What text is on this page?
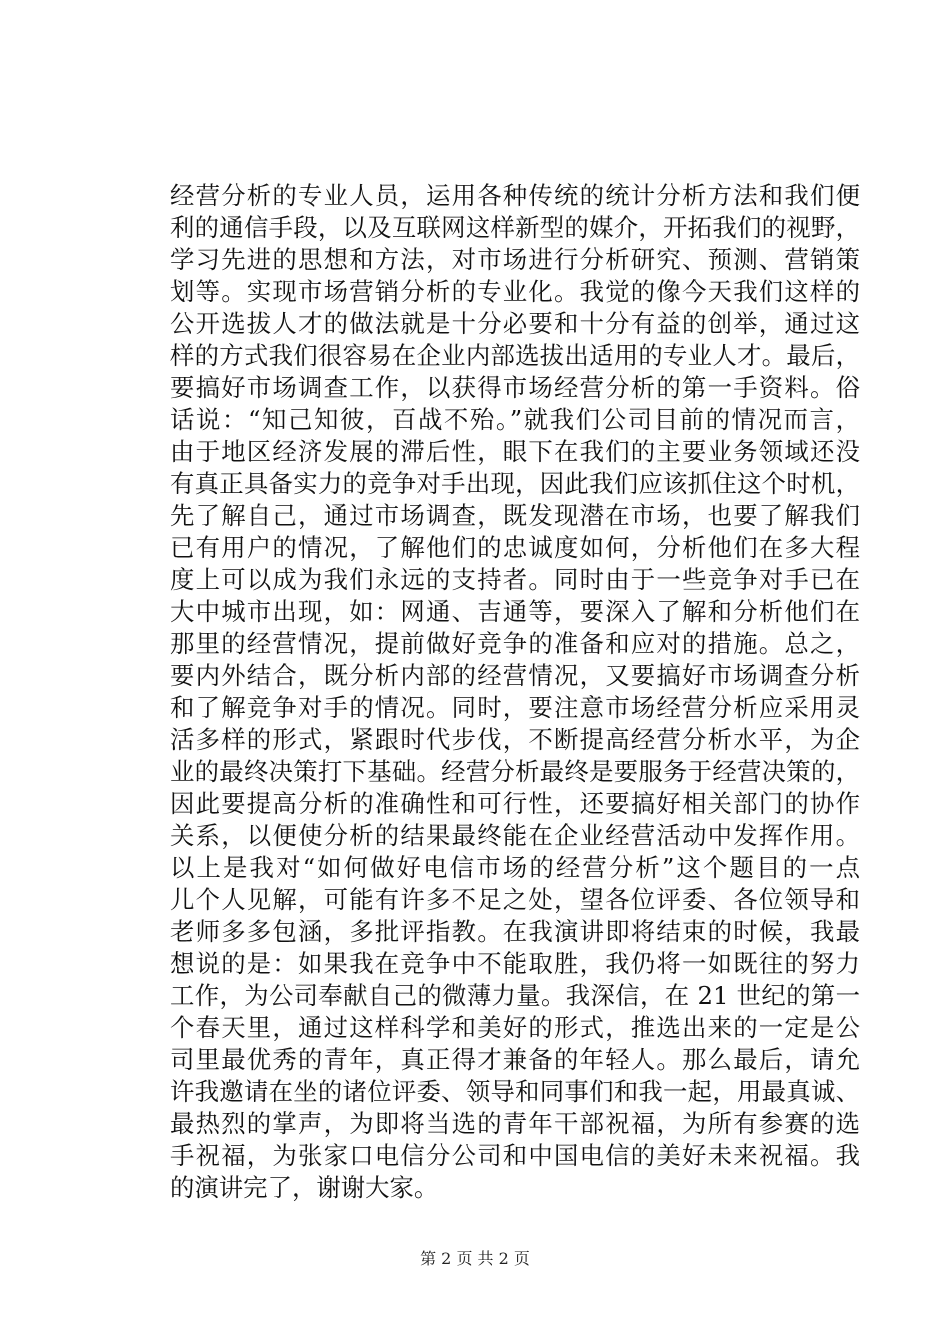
经营分析的专业人员，运用各种传统的统计分析方法和我们便
利的通信手段，以及互联网这样新型的媒介，开拓我们的视野，
学习先进的思想和方法，对市场进行分析研究、预测、营销策
划等。实现市场营销分析的专业化。我觉的像今天我们这样的
公开选拔人才的做法就是十分必要和十分有益的创举，通过这
样的方式我们很容易在企业内部选拔出适用的专业人才。最后，
要搞好市场调查工作，以获得市场经营分析的第一手资料。俗
话说：“知己知彼，百战不殆。”就我们公司目前的情况而言，
由于地区经济发展的滞后性，眼下在我们的主要业务领域还没
有真正具备实力的竞争对手出现，因此我们应该抓住这个时机，
先了解自己，通过市场调查，既发现潜在市场，也要了解我们
已有用户的情况，了解他们的忠诚度如何，分析他们在多大程
度上可以成为我们永远的支持者。同时由于一些竞争对手已在
大中城市出现，如：网通、吉通等，要深入了解和分析他们在
那里的经营情况，提前做好竞争的准备和应对的措施。总之，
要内外结合，既分析内部的经营情况，又要搞好市场调查分析
和了解竞争对手的情况。同时，要注意市场经营分析应采用灵
活多样的形式，紧跟时代步伐，不断提高经营分析水平，为企
业的最终决策打下基础。经营分析最终是要服务于经营决策的，
因此要提高分析的准确性和可行性，还要搞好相关部门的协作
关系，以便使分析的结果最终能在企业经营活动中发挥作用。
以上是我对“如何做好电信市场的经营分析”这个题目的一点
儿个人见解，可能有许多不足之处，望各位评委、各位领导和
老师多多包涵，多批评指教。在我演讲即将结束的时候，我最
想说的是：如果我在竞争中不能取胜，我仍将一如既往的努力
工作，为公司奉献自己的微薄力量。我深信，在 21 世纪的第一
个春天里，通过这样科学和美好的形式，推选出来的一定是公
司里最优秀的青年，真正得才兼备的年轻人。那么最后，请允
许我邀请在坐的诸位评委、领导和同事们和我一起，用最真诚、
最热烈的掌声，为即将当选的青年干部祝福，为所有参赛的选
手祝福，为张家口电信分公司和中国电信的美好未来祝福。我
的演讲完了，谢谢大家。
第 2 页 共 2 页
